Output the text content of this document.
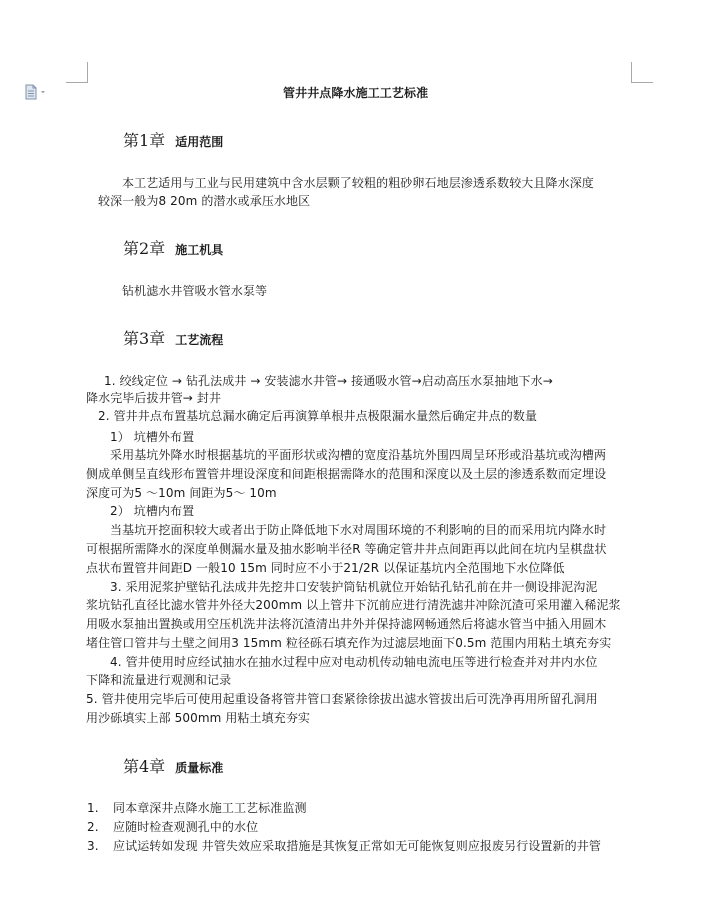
管井井点降水施工工艺标准
第1章 适用范围
本工艺适用与工业与民用建筑中含水层颗了较粗的粗砂卵石地层渗透系数较大且降水深度
较深一般为8 20m 的潜水或承压水地区
第2章 施工机具
钻机滤水井管吸水管水泵等
第3章 工艺流程
1. 绞线定位 → 钻孔法成井 → 安装滤水井管→ 接通吸水管→启动高压水泵抽地下水→
降水完毕后拔井管→ 封井
2. 管井井点布置基坑总漏水确定后再演算单根井点极限漏水量然后确定井点的数量
1） 坑槽外布置
采用基坑外降水时根据基坑的平面形状或沟槽的宽度沿基坑外围四周呈环形或沿基坑或沟槽两
侧成单侧呈直线形布置管井埋设深度和间距根据需降水的范围和深度以及土层的渗透系数而定埋设
深度可为5 ～10m 间距为5～ 10m
2） 坑槽内布置
当基坑开挖面积较大或者出于防止降低地下水对周围环境的不利影响的目的而采用坑内降水时
可根据所需降水的深度单侧漏水量及抽水影响半径R 等确定管井井点间距再以此间在坑内呈棋盘状
点状布置管井间距D 一般10 15m 同时应不小于21/2R 以保证基坑内全范围地下水位降低
3. 采用泥浆护壁钻孔法成井先挖井口安装护筒钻机就位开始钻孔钻孔前在井一侧设排泥沟泥
浆坑钻孔直径比滤水管井外径大200mm 以上管井下沉前应进行清洗滤井冲除沉渣可采用灌入稀泥浆
用吸水泵抽出置换或用空压机洗井法将沉渣清出井外并保持滤网畅通然后将滤水管当中插入用圆木
堵住管口管井与土壁之间用3 15mm 粒径砾石填充作为过滤层地面下0.5m 范围内用粘土填充夯实
4. 管井使用时应经试抽水在抽水过程中应对电动机传动轴电流电压等进行检查并对井内水位
下降和流量进行观测和记录
5. 管井使用完毕后可使用起重设备将管井管口套紧徐徐拔出滤水管拔出后可洗净再用所留孔洞用
用沙砾填实上部 500mm 用粘土填充夯实
第4章 质量标准
1. 同本章深井点降水施工工艺标准监测
2. 应随时检查观测孔中的水位
3. 应试运转如发现 井管失效应采取措施是其恢复正常如无可能恢复则应报废另行设置新的井管
